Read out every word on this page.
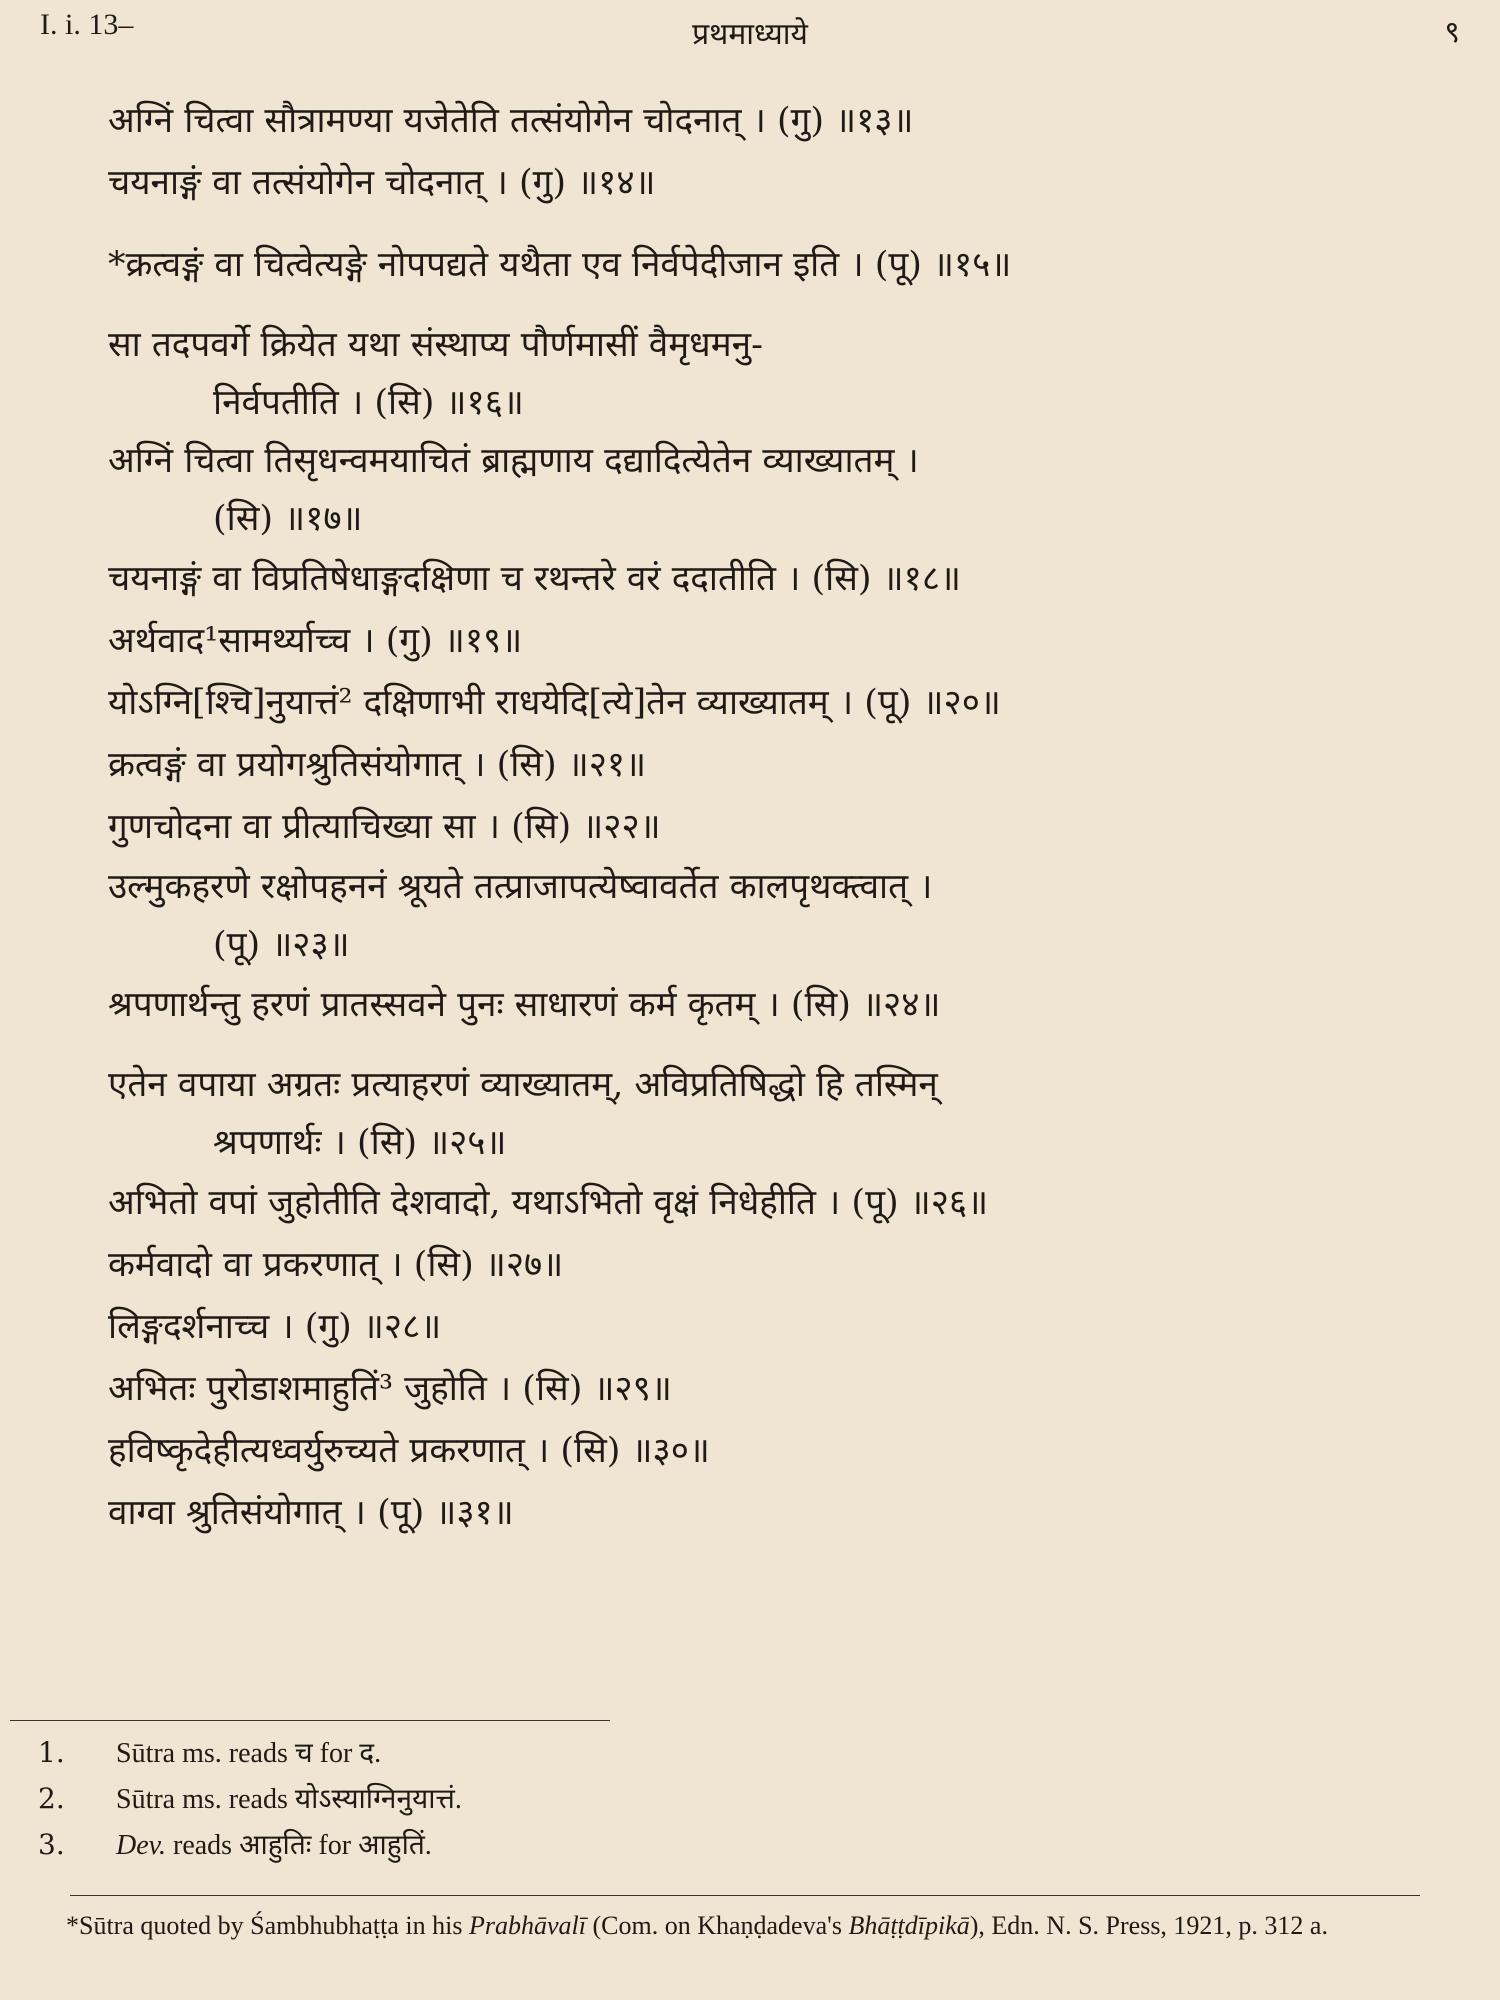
I. i. 13–	प्रथमाध्याये	९

अग्निं चित्वा सौत्रामण्या यजेतेति तत्संयोगेन चोदनात् । (गु) ॥१३॥

चयनाङ्गं वा तत्संयोगेन चोदनात् । (गु) ॥१४॥

*क्रत्वङ्गं वा चित्वेत्यङ्गे नोपपद्यते यथैता एव निर्वपेदीजान इति । (पू) ॥१५॥

सा तदपवर्गे क्रियेत यथा संस्थाप्य पौर्णमासीं वैमृधमनु-
निर्वपतीति । (सि) ॥१६॥

अग्निं चित्वा तिसृधन्वमयाचितं ब्राह्मणाय दद्यादित्येतेन व्याख्यातम् ।
(सि) ॥१७॥

चयनाङ्गं वा विप्रतिषेधाङ्गदक्षिणा च रथन्तरे वरं ददातीति । (सि) ॥१८॥

अर्थवाद¹सामर्थ्याच्च । (गु) ॥१९॥

योऽग्नि[श्चि]नुयात्तं² दक्षिणाभी राधयेदि[त्ये]तेन व्याख्यातम् । (पू) ॥२०॥

क्रत्वङ्गं वा प्रयोगश्रुतिसंयोगात् । (सि) ॥२१॥

गुणचोदना वा प्रीत्याचिख्या सा । (सि) ॥२२॥

उल्मुकहरणे रक्षोपहननं श्रूयते तत्प्राजापत्येष्वावर्तेत कालपृथक्त्वात् ।
(पू) ॥२३॥

श्रपणार्थन्तु हरणं प्रातस्सवने पुनः साधारणं कर्म कृतम् । (सि) ॥२४॥

एतेन वपाया अग्रतः प्रत्याहरणं व्याख्यातम्, अविप्रतिषिद्धो हि तस्मिन्
श्रपणार्थः । (सि) ॥२५॥

अभितो वपां जुहोतीति देशवादो, यथाऽभितो वृक्षं निधेहीति । (पू) ॥२६॥

कर्मवादो वा प्रकरणात् । (सि) ॥२७॥

लिङ्गदर्शनाच्च । (गु) ॥२८॥

अभितः पुरोडाशमाहुतिं³ जुहोति । (सि) ॥२९॥

हविष्कृदेहीत्यध्वर्युरुच्यते प्रकरणात् । (सि) ॥३०॥

वाग्वा श्रुतिसंयोगात् । (पू) ॥३१॥

1.	Sūtra ms. reads च for द.
2.	Sūtra ms. reads योऽस्याग्निनुयात्तं.
3.	Dev. reads आहुतिः for आहुतिं.
*Sūtra quoted by Śambhubhaṭṭa in his Prabhāvalī (Com. on Khaṇḍadeva's Bhāṭṭdīpikā), Edn. N. S. Press, 1921, p. 312 a.
